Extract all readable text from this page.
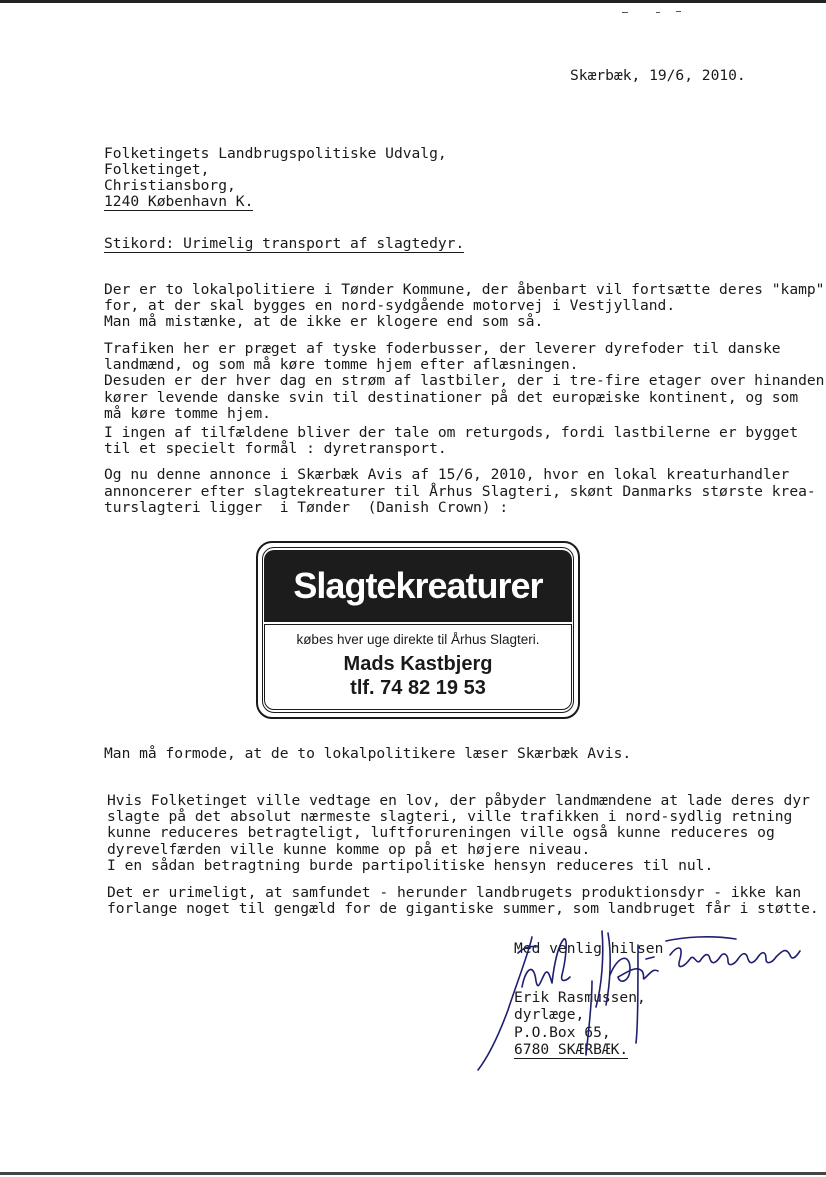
Skærbæk, 19/6, 2010.
Folketingets Landbrugspolitiske Udvalg,
Folketinget,
Christiansborg,
1240 København K.
Stikord: Urimelig transport af slagtedyr.
Der er to lokalpolitiere i Tønder Kommune, der åbenbart vil fortsætte deres "kamp"
for, at der skal bygges en nord-sydgående motorvej i Vestjylland.
Man må mistænke, at de ikke er klogere end som så.
Trafiken her er præget af tyske foderbusser, der leverer dyrefoder til danske
landmænd, og som må køre tomme hjem efter aflæsningen.
Desuden er der hver dag en strøm af lastbiler, der i tre-fire etager over hinanden
kører levende danske svin til destinationer på det europæiske kontinent, og som
må køre tomme hjem.
I ingen af tilfældene bliver der tale om returgods, fordi lastbilerne er bygget
til et specielt formål : dyretransport.
Og nu denne annonce i Skærbæk Avis af 15/6, 2010, hvor en lokal kreaturhandler
annoncerer efter slagtekreaturer til Århus Slagteri, skønt Danmarks største krea-
turslagteri ligger  i Tønder  (Danish Crown) :
Slagtekreaturer
købes hver uge direkte til Århus Slagteri.
Mads Kastbjerg
tlf. 74 82 19 53
Man må formode, at de to lokalpolitikere læser Skærbæk Avis.
Hvis Folketinget ville vedtage en lov, der påbyder landmændene at lade deres dyr
slagte på det absolut nærmeste slagteri, ville trafikken i nord-sydlig retning
kunne reduceres betragteligt, luftforureningen ville også kunne reduceres og
dyrevelfærden ville kunne komme op på et højere niveau.
I en sådan betragtning burde partipolitiske hensyn reduceres til nul.
Det er urimeligt, at samfundet - herunder landbrugets produktionsdyr - ikke kan
forlange noget til gengæld for de gigantiske summer, som landbruget får i støtte.
Med venlig hilsen
Erik Rasmussen,
dyrlæge,
P.O.Box 65,
6780 SKÆRBÆK.
